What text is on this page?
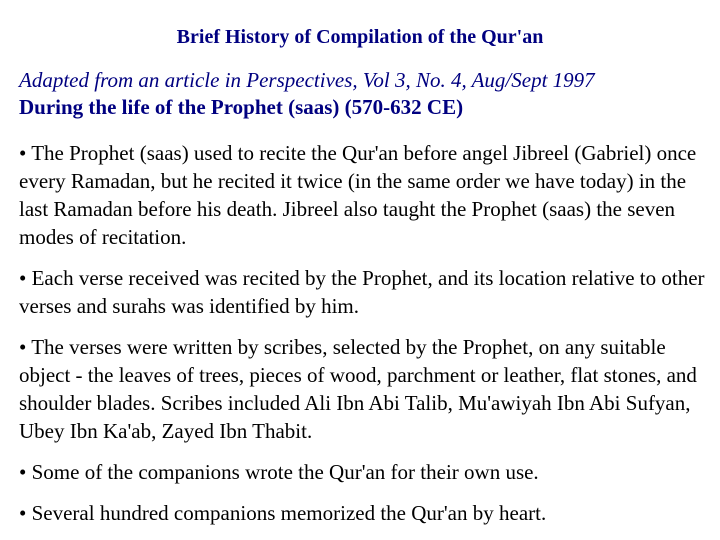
Brief History of Compilation of the Qur'an

Adapted from an article in Perspectives, Vol 3, No. 4, Aug/Sept 1997

During the life of the Prophet (saas) (570-632 CE)
• The Prophet (saas) used to recite the Qur'an before angel Jibreel (Gabriel) once every Ramadan, but he recited it twice (in the same order we have today) in the last Ramadan before his death. Jibreel also taught the Prophet (saas) the seven modes of recitation.
• Each verse received was recited by the Prophet, and its location relative to other verses and surahs was identified by him.
• The verses were written by scribes, selected by the Prophet, on any suitable object - the leaves of trees, pieces of wood, parchment or leather, flat stones, and shoulder blades. Scribes included Ali Ibn Abi Talib, Mu'awiyah Ibn Abi Sufyan, Ubey Ibn Ka'ab, Zayed Ibn Thabit.
• Some of the companions wrote the Qur'an for their own use.
• Several hundred companions memorized the Qur'an by heart.
